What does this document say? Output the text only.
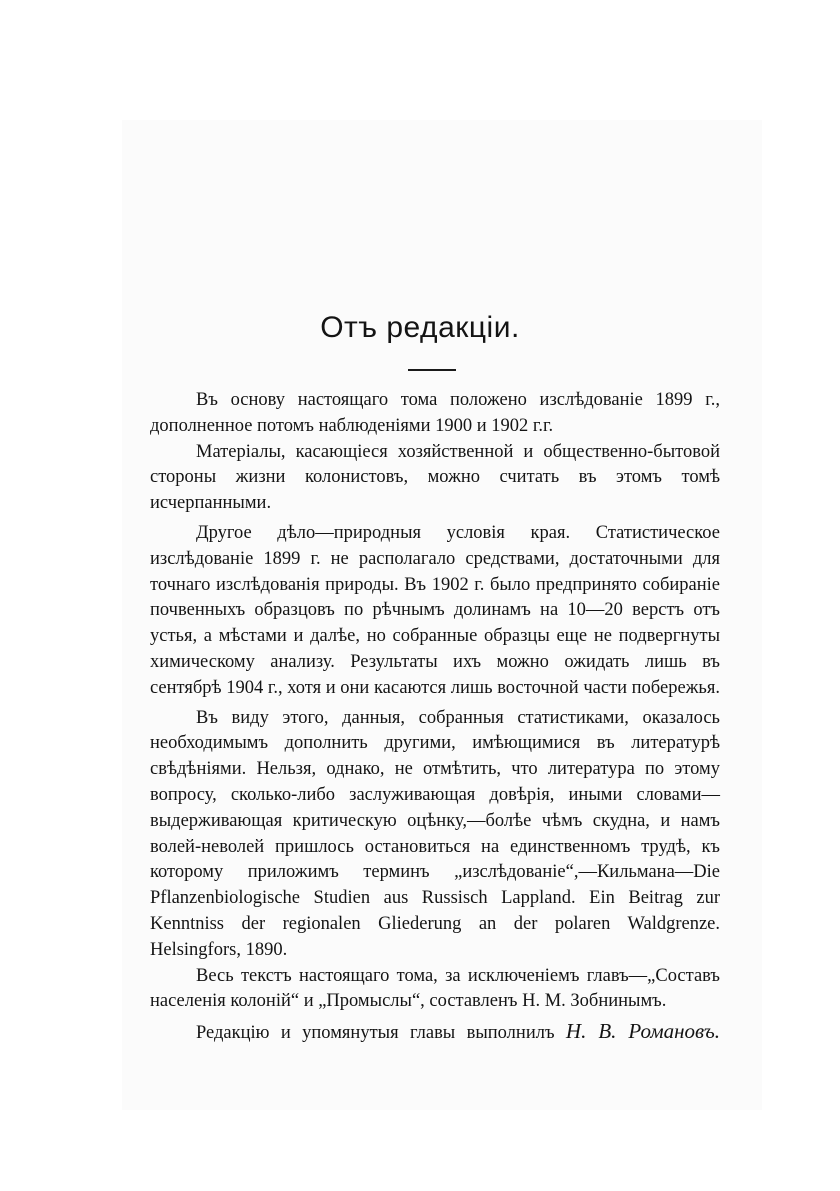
Отъ редакціи.

Въ основу настоящаго тома положено изслѣдованіе 1899 г., дополненное потомъ наблюденіями 1900 и 1902 г.г.

Матеріалы, касающіеся хозяйственной и общественно-бытовой стороны жизни колонистовъ, можно считать въ этомъ томѣ исчерпанными.

Другое дѣло—природныя условія края. Статистическое изслѣдованіе 1899 г. не располагало средствами, достаточными для точнаго изслѣдованія природы. Въ 1902 г. было предпринято собираніе почвенныхъ образцовъ по рѣчнымъ долинамъ на 10—20 верстъ отъ устья, а мѣстами и далѣе, но собранные образцы еще не подвергнуты химическому анализу. Результаты ихъ можно ожидать лишь въ сентябрѣ 1904 г., хотя и они касаются лишь восточной части побережья.

Въ виду этого, данныя, собранныя статистиками, оказалось необходимымъ дополнить другими, имѣющимися въ литературѣ свѣдѣніями. Нельзя, однако, не отмѣтить, что литература по этому вопросу, сколько-либо заслуживающая довѣрія, иными словами—выдерживающая критическую оцѣнку,—болѣе чѣмъ скудна, и намъ волей-неволей пришлось остановиться на единственномъ трудѣ, къ которому приложимъ терминъ „изслѣдованіе“,—Кильмана—Die Pflanzenbiologische Studien aus Russisch Lappland. Ein Beitrag zur Kenntniss der regionalen Gliederung an der polaren Waldgrenze. Helsingfors, 1890.

Весь текстъ настоящаго тома, за исключеніемъ главъ—„Составъ населенія колоній“ и „Промыслы“, составленъ Н. М. Зобнинымъ.

Редакцію и упомянутыя главы выполнилъ Н. В. Романовъ.
